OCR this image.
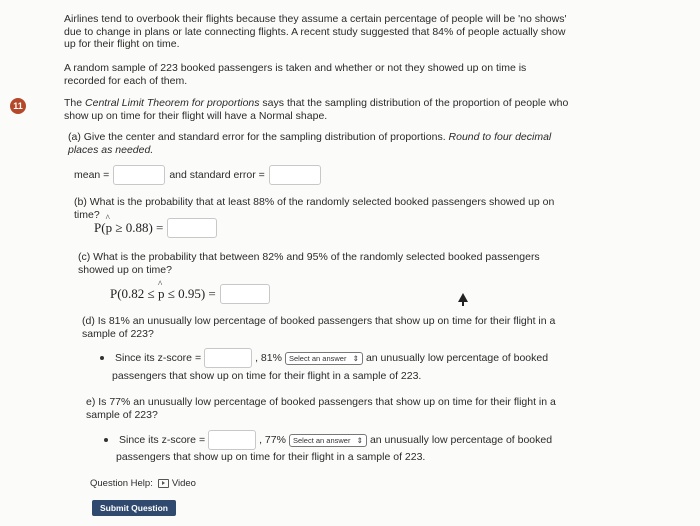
11

Airlines tend to overbook their flights because they assume a certain percentage of people will be 'no shows' due to change in plans or late connecting flights. A recent study suggested that 84% of people actually show up for their flight on time.

A random sample of 223 booked passengers is taken and whether or not they showed up on time is recorded for each of them.

The Central Limit Theorem for proportions says that the sampling distribution of the proportion of people who show up on time for their flight will have a Normal shape.

(a) Give the center and standard error for the sampling distribution of proportions. Round to four decimal places as needed.

mean =	and standard error =

(b) What is the probability that at least 88% of the randomly selected booked passengers showed up on time?

P(^ p ≥ 0.88) =

(c) What is the probability that between 82% and 95% of the randomly selected booked passengers showed up on time?

P(0.82 ≤ ^ p ≤ 0.95) =

(d) Is 81% an unusually low percentage of booked passengers that show up on time for their flight in a sample of 223?

Since its z-score =	, 81% Select an answer ⇕ an unusually low percentage of booked

passengers that show up on time for their flight in a sample of 223.

e) Is 77% an unusually low percentage of booked passengers that show up on time for their flight in a sample of 223?

Since its z-score =	, 77% Select an answer ⇕ an unusually low percentage of booked

passengers that show up on time for their flight in a sample of 223.

Question Help:	Video
Submit Question
